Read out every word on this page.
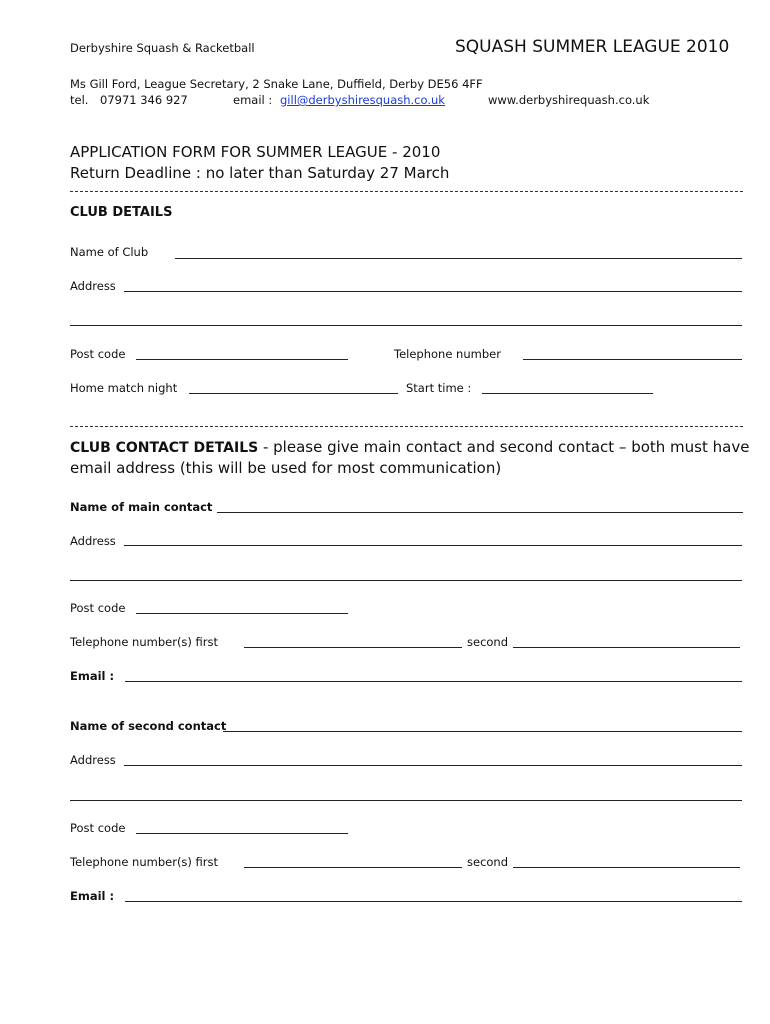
Derbyshire Squash & Racketball	SQUASH SUMMER LEAGUE 2010
Ms Gill Ford, League Secretary, 2 Snake Lane, Duffield, Derby DE56 4FF
tel. 07971 346 927	email : gill@derbyshiresquash.co.uk	www.derbyshirequash.co.uk
APPLICATION FORM FOR SUMMER LEAGUE - 2010
Return Deadline : no later than Saturday 27 March
CLUB DETAILS
Name of Club
Address
Post code	Telephone number
Home match night	Start time :
CLUB CONTACT DETAILS - please give main contact and second contact – both must have
email address (this will be used for most communication)
Name of main contact
Address
Post code
Telephone number(s) first	second
Email :
Name of second contact
Address
Post code
Telephone number(s) first	second
Email :
